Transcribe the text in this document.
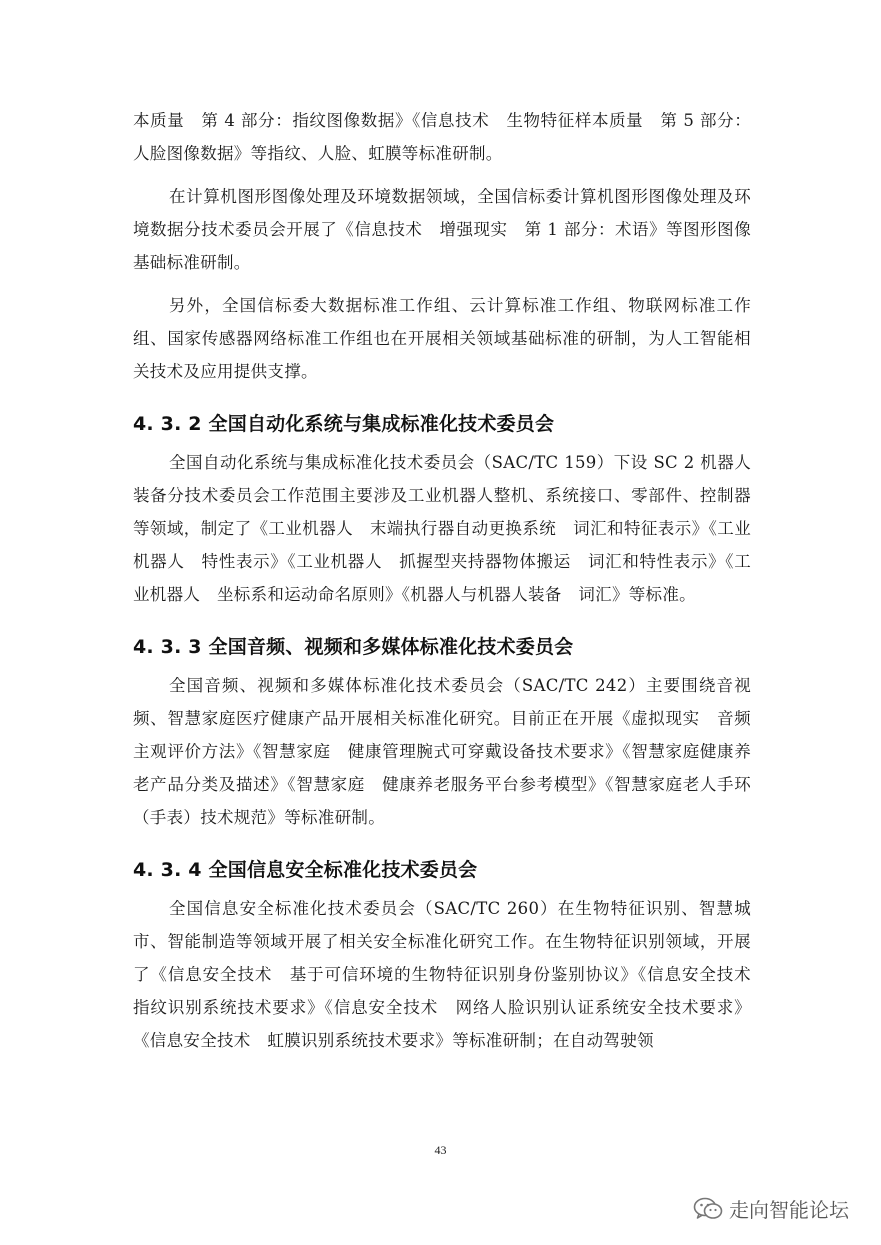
本质量　第 4 部分：指纹图像数据》《信息技术　生物特征样本质量　第 5 部分：人脸图像数据》等指纹、人脸、虹膜等标准研制。

在计算机图形图像处理及环境数据领域，全国信标委计算机图形图像处理及环境数据分技术委员会开展了《信息技术　增强现实　第 1 部分：术语》等图形图像基础标准研制。

另外，全国信标委大数据标准工作组、云计算标准工作组、物联网标准工作组、国家传感器网络标准工作组也在开展相关领域基础标准的研制，为人工智能相关技术及应用提供支撑。

4. 3. 2 全国自动化系统与集成标准化技术委员会

全国自动化系统与集成标准化技术委员会（SAC/TC 159）下设 SC 2 机器人装备分技术委员会工作范围主要涉及工业机器人整机、系统接口、零部件、控制器等领域，制定了《工业机器人　末端执行器自动更换系统　词汇和特征表示》《工业机器人　特性表示》《工业机器人　抓握型夹持器物体搬运　词汇和特性表示》《工业机器人　坐标系和运动命名原则》《机器人与机器人装备　词汇》等标准。

4. 3. 3 全国音频、视频和多媒体标准化技术委员会

全国音频、视频和多媒体标准化技术委员会（SAC/TC 242）主要围绕音视频、智慧家庭医疗健康产品开展相关标准化研究。目前正在开展《虚拟现实　音频主观评价方法》《智慧家庭　健康管理腕式可穿戴设备技术要求》《智慧家庭健康养老产品分类及描述》《智慧家庭　健康养老服务平台参考模型》《智慧家庭老人手环（手表）技术规范》等标准研制。

4. 3. 4 全国信息安全标准化技术委员会

全国信息安全标准化技术委员会（SAC/TC 260）在生物特征识别、智慧城市、智能制造等领域开展了相关安全标准化研究工作。在生物特征识别领域，开展了《信息安全技术　基于可信环境的生物特征识别身份鉴别协议》《信息安全技术　指纹识别系统技术要求》《信息安全技术　网络人脸识别认证系统安全技术要求》《信息安全技术　虹膜识别系统技术要求》等标准研制；在自动驾驶领

43
走向智能论坛
